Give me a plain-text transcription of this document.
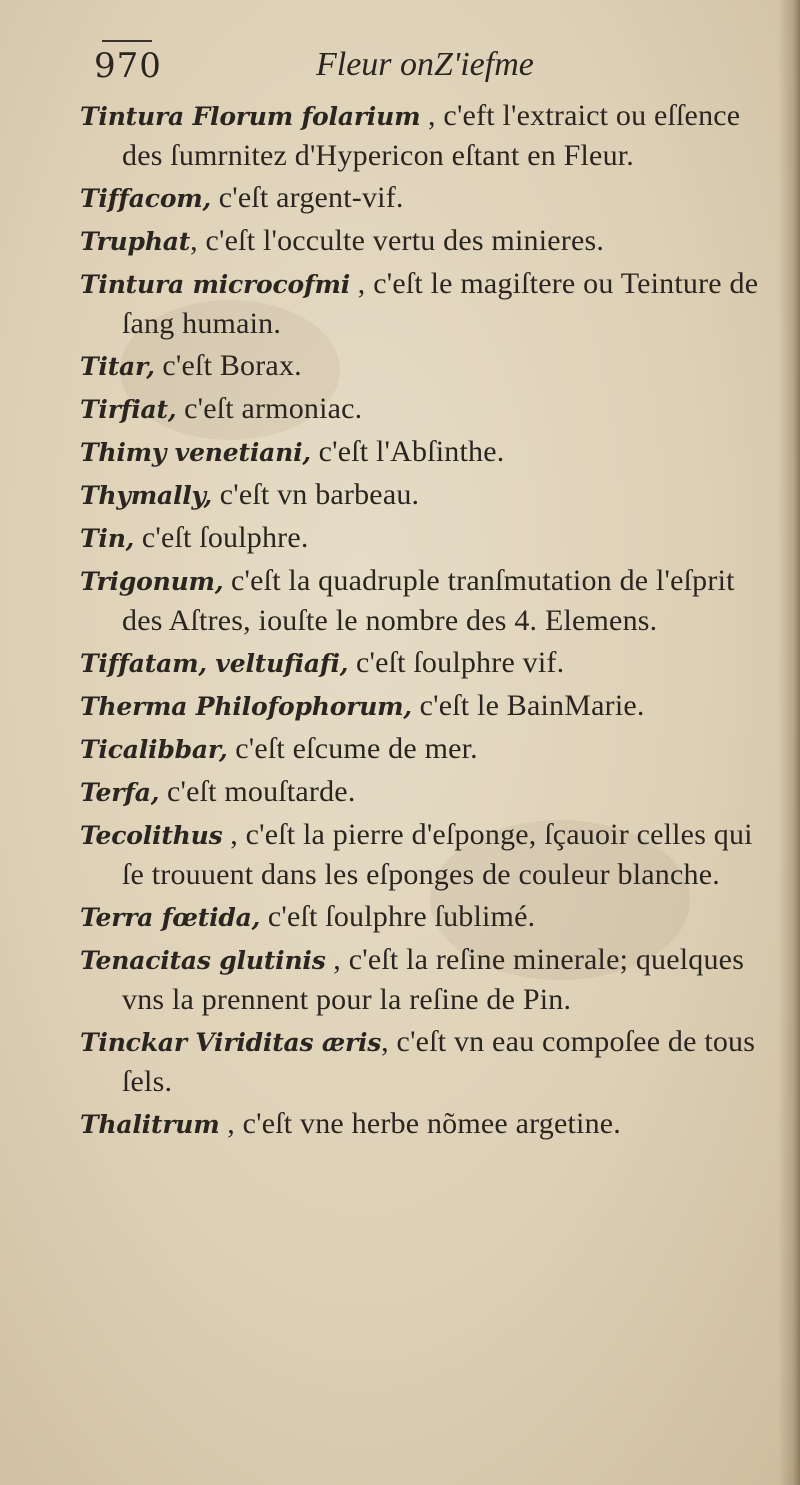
970	Fleur onZ'iefme

Tintura Florum folarium , c'eft l'extraict ou eſſence des ſumrnitez d'Hypericon eſtant en Fleur.

Tiffacom, c'eſt argent-vif.

Truphat, c'eſt l'occulte vertu des minieres.

Tintura microcofmi , c'eſt le magiſtere ou Teinture de ſang humain.

Titar, c'eſt Borax.

Tirfiat, c'eſt armoniac.

Thimy venetiani, c'eſt l'Abſinthe.

Thymally, c'eſt vn barbeau.

Tin, c'eſt ſoulphre.

Trigonum, c'eſt la quadruple tranſmutation de l'eſprit des Aſtres, iouſte le nombre des 4. Elemens.

Tiffatam, veltufiafi, c'eſt ſoulphre vif.

Therma Philofophorum, c'eſt le BainMarie.

Ticalibbar, c'eſt eſcume de mer.

Terfa, c'eſt mouſtarde.

Tecolithus , c'eſt la pierre d'eſponge, ſçauoir celles qui ſe trouuent dans les eſponges de couleur blanche.

Terra fœtida, c'eſt ſoulphre ſublimé.

Tenacitas glutinis , c'eſt la reſine minerale; quelques vns la prennent pour la reſine de Pin.

Tinckar Viriditas æris, c'eſt vn eau compoſee de tous ſels.

Thalitrum , c'eſt vne herbe nõmee argetine.
